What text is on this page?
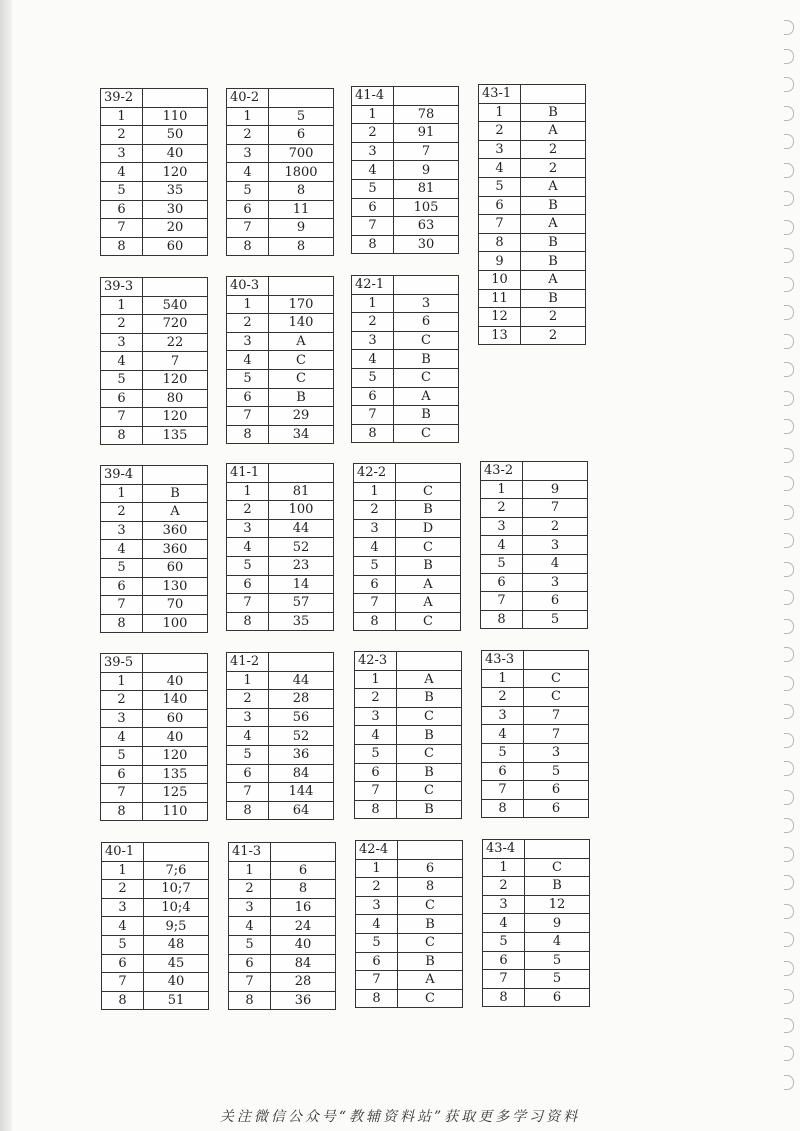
39-2	
1	110
2	50
3	40
4	120
5	35
6	30
7	20
8	60
40-2	
1	5
2	6
3	700
4	1800
5	8
6	11
7	9
8	8
41-4	
1	78
2	91
3	7
4	9
5	81
6	105
7	63
8	30
43-1	
1	B
2	A
3	2
4	2
5	A
6	B
7	A
8	B
9	B
10	A
11	B
12	2
13	2
39-3	
1	540
2	720
3	22
4	7
5	120
6	80
7	120
8	135
40-3	
1	170
2	140
3	A
4	C
5	C
6	B
7	29
8	34
42-1	
1	3
2	6
3	C
4	B
5	C
6	A
7	B
8	C
39-4	
1	B
2	A
3	360
4	360
5	60
6	130
7	70
8	100
41-1	
1	81
2	100
3	44
4	52
5	23
6	14
7	57
8	35
42-2	
1	C
2	B
3	D
4	C
5	B
6	A
7	A
8	C
43-2	
1	9
2	7
3	2
4	3
5	4
6	3
7	6
8	5
39-5	
1	40
2	140
3	60
4	40
5	120
6	135
7	125
8	110
41-2	
1	44
2	28
3	56
4	52
5	36
6	84
7	144
8	64
42-3	
1	A
2	B
3	C
4	B
5	C
6	B
7	C
8	B
43-3	
1	C
2	C
3	7
4	7
5	3
6	5
7	6
8	6
40-1	
1	7;6
2	10;7
3	10;4
4	9;5
5	48
6	45
7	40
8	51
41-3	
1	6
2	8
3	16
4	24
5	40
6	84
7	28
8	36
42-4	
1	6
2	8
3	C
4	B
5	C
6	B
7	A
8	C
43-4	
1	C
2	B
3	12
4	9
5	4
6	5
7	5
8	6
关注微信公众号“教辅资料站”获取更多学习资料
